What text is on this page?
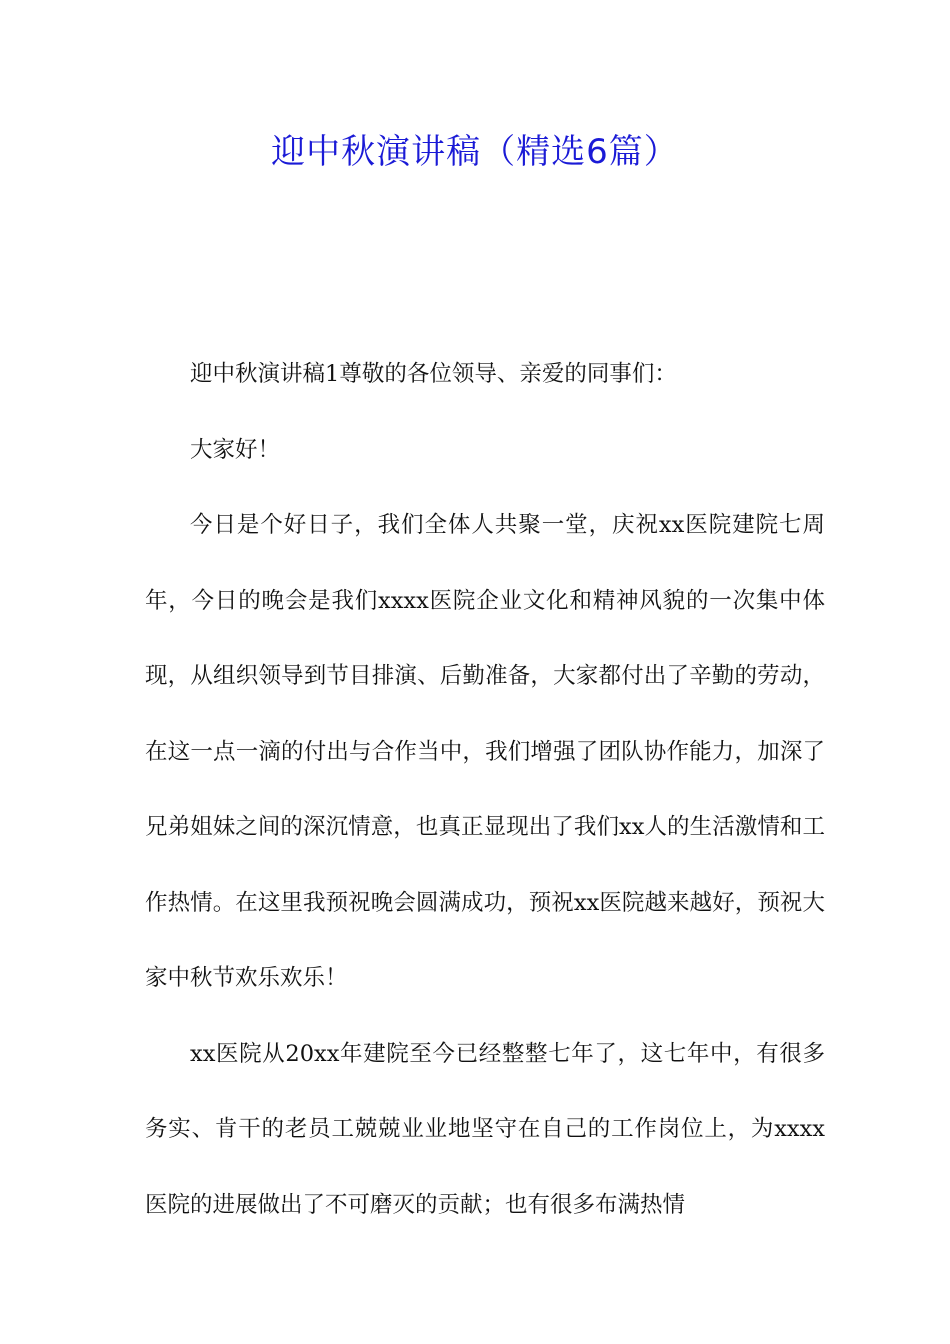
迎中秋演讲稿（精选6篇）

迎中秋演讲稿1尊敬的各位领导、亲爱的同事们：

大家好！

今日是个好日子，我们全体人共聚一堂，庆祝xx医院建院七周年，今日的晚会是我们xxxx医院企业文化和精神风貌的一次集中体现，从组织领导到节目排演、后勤准备，大家都付出了辛勤的劳动，在这一点一滴的付出与合作当中，我们增强了团队协作能力，加深了兄弟姐妹之间的深沉情意，也真正显现出了我们xx人的生活激情和工作热情。在这里我预祝晚会圆满成功，预祝xx医院越来越好，预祝大家中秋节欢乐欢乐！

xx医院从20xx年建院至今已经整整七年了，这七年中，有很多务实、肯干的老员工兢兢业业地坚守在自己的工作岗位上，为xxxx医院的进展做出了不可磨灭的贡献；也有很多布满热情
